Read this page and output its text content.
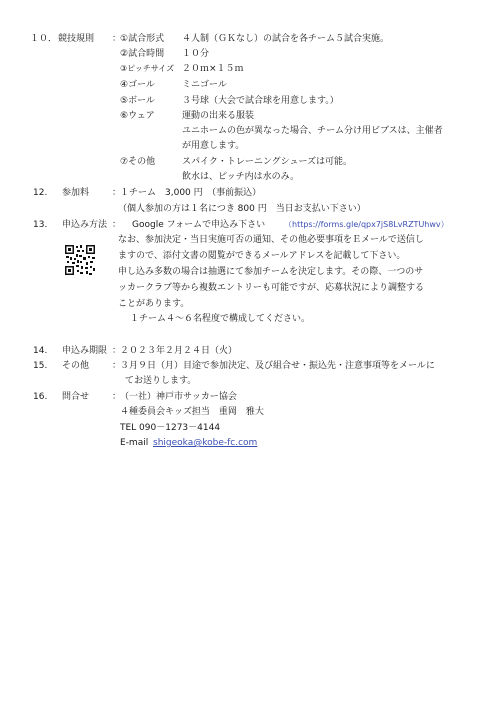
１０． 競技規則 ：
①試合形式 ４人制（ＧＫなし）の試合を各チーム５試合実施。
②試合時間 １０分
③ピッチサイズ ２０ｍ×１５ｍ
④ゴール	ミニゴール
⑤ボール	３号球（大会で試合球を用意します。）
⑥ウェア	運動の出来る服装
ユニホームの色が異なった場合、チーム分け用ビブスは、主催者
が用意します。
⑦その他	スパイク・トレーニングシューズは可能。
飲水は、ピッチ内は水のみ。
12. 参加料	：
１チーム　3,000 円　（事前振込）
（個人参加の方は１名につき 800 円　当日お支払い下さい）
13. 申込み方法 ： Google フォームで申込み下さい （https://forms.gle/qpx7jS8LvRZTUhwv）
なお、参加決定・当日実施可否の通知、その他必要事項をＥメールで送信し
ますので、添付文書の閲覧ができるメールアドレスを記載して下さい。
申し込み多数の場合は抽選にて参加チームを決定します。その際、一つのサ
ッカークラブ等から複数エントリーも可能ですが、応募状況により調整する
ことがあります。
１チーム４〜６名程度で構成してください。
14. 申込み期限 ：
２０２３年２月２４日（火）
15. その他	：
３月９日（月）目途で参加決定、及び組合せ・振込先・注意事項等をメールに
てお送りします。
16. 問合せ	：
（一社）神戸市サッカー協会
４種委員会キッズ担当　重岡　雅大
TEL 090－1273－4144
E-mail shigeoka@kobe-fc.com
